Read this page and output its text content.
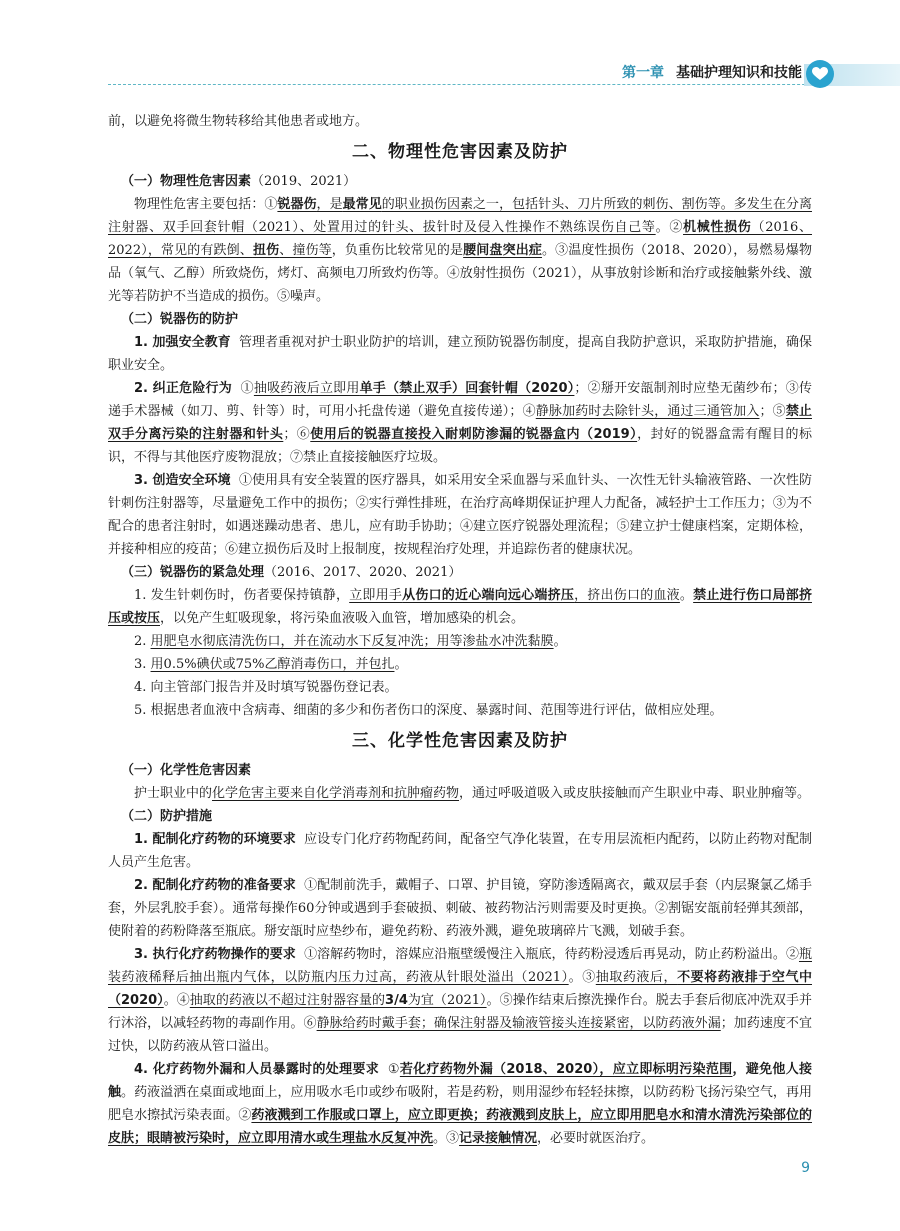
第一章 基础护理知识和技能

前，以避免将微生物转移给其他患者或地方。

二、物理性危害因素及防护
（一）物理性危害因素（2019、2021）

物理性危害主要包括：①锐器伤，是最常见的职业损伤因素之一，包括针头、刀片所致的刺伤、割伤等。多发生在分离注射器、双手回套针帽（2021）、处置用过的针头、拔针时及侵入性操作不熟练误伤自己等。②机械性损伤（2016、2022），常见的有跌倒、扭伤、撞伤等，负重伤比较常见的是腰间盘突出症。③温度性损伤（2018、2020），易燃易爆物品（氧气、乙醇）所致烧伤，烤灯、高频电刀所致灼伤等。④放射性损伤（2021），从事放射诊断和治疗或接触紫外线、激光等若防护不当造成的损伤。⑤噪声。

（二）锐器伤的防护

1. 加强安全教育 管理者重视对护士职业防护的培训，建立预防锐器伤制度，提高自我防护意识，采取防护措施，确保职业安全。

2. 纠正危险行为 ①抽吸药液后立即用单手（禁止双手）回套针帽（2020）；②掰开安瓿制剂时应垫无菌纱布；③传递手术器械（如刀、剪、针等）时，可用小托盘传递（避免直接传递）；④静脉加药时去除针头，通过三通管加入；⑤禁止双手分离污染的注射器和针头；⑥使用后的锐器直接投入耐刺防渗漏的锐器盒内（2019），封好的锐器盒需有醒目的标识，不得与其他医疗废物混放；⑦禁止直接接触医疗垃圾。

3. 创造安全环境 ①使用具有安全装置的医疗器具，如采用安全采血器与采血针头、一次性无针头输液管路、一次性防针刺伤注射器等，尽量避免工作中的损伤；②实行弹性排班，在治疗高峰期保证护理人力配备，减轻护士工作压力；③为不配合的患者注射时，如遇迷躁动患者、患儿，应有助手协助；④建立医疗锐器处理流程；⑤建立护士健康档案，定期体检，并接种相应的疫苗；⑥建立损伤后及时上报制度，按规程治疗处理，并追踪伤者的健康状况。

（三）锐器伤的紧急处理（2016、2017、2020、2021）

1. 发生针刺伤时，伤者要保持镇静，立即用手从伤口的近心端向远心端挤压，挤出伤口的血液。禁止进行伤口局部挤压或按压，以免产生虹吸现象，将污染血液吸入血管，增加感染的机会。

2. 用肥皂水彻底清洗伤口，并在流动水下反复冲洗；用等渗盐水冲洗黏膜。

3. 用0.5%碘伏或75%乙醇消毒伤口，并包扎。

4. 向主管部门报告并及时填写锐器伤登记表。

5. 根据患者血液中含病毒、细菌的多少和伤者伤口的深度、暴露时间、范围等进行评估，做相应处理。

三、化学性危害因素及防护
（一）化学性危害因素

护士职业中的化学危害主要来自化学消毒剂和抗肿瘤药物，通过呼吸道吸入或皮肤接触而产生职业中毒、职业肿瘤等。

（二）防护措施

1. 配制化疗药物的环境要求 应设专门化疗药物配药间，配备空气净化装置，在专用层流柜内配药，以防止药物对配制人员产生危害。

2. 配制化疗药物的准备要求 ①配制前洗手，戴帽子、口罩、护目镜，穿防渗透隔离衣，戴双层手套（内层聚氯乙烯手套，外层乳胶手套）。通常每操作60分钟或遇到手套破损、刺破、被药物沾污则需要及时更换。②割锯安瓿前轻弹其颈部，使附着的药粉降落至瓶底。掰安瓿时应垫纱布，避免药粉、药液外溅，避免玻璃碎片飞溅，划破手套。

3. 执行化疗药物操作的要求 ①溶解药物时，溶媒应沿瓶壁缓慢注入瓶底，待药粉浸透后再晃动，防止药粉溢出。②瓶装药液稀释后抽出瓶内气体，以防瓶内压力过高，药液从针眼处溢出（2021）。③抽取药液后，不要将药液排于空气中（2020）。④抽取的药液以不超过注射器容量的3/4为宜（2021）。⑤操作结束后擦洗操作台。脱去手套后彻底冲洗双手并行沐浴，以减轻药物的毒副作用。⑥静脉给药时戴手套；确保注射器及输液管接头连接紧密，以防药液外漏；加药速度不宜过快，以防药液从管口溢出。

4. 化疗药物外漏和人员暴露时的处理要求 ①若化疗药物外漏（2018、2020），应立即标明污染范围，避免他人接触。药液溢洒在桌面或地面上，应用吸水毛巾或纱布吸附，若是药粉，则用湿纱布轻轻抹擦，以防药粉飞扬污染空气，再用肥皂水擦拭污染表面。②药液溅到工作服或口罩上，应立即更换；药液溅到皮肤上，应立即用肥皂水和清水清洗污染部位的皮肤；眼睛被污染时，应立即用清水或生理盐水反复冲洗。③记录接触情况，必要时就医治疗。

9
